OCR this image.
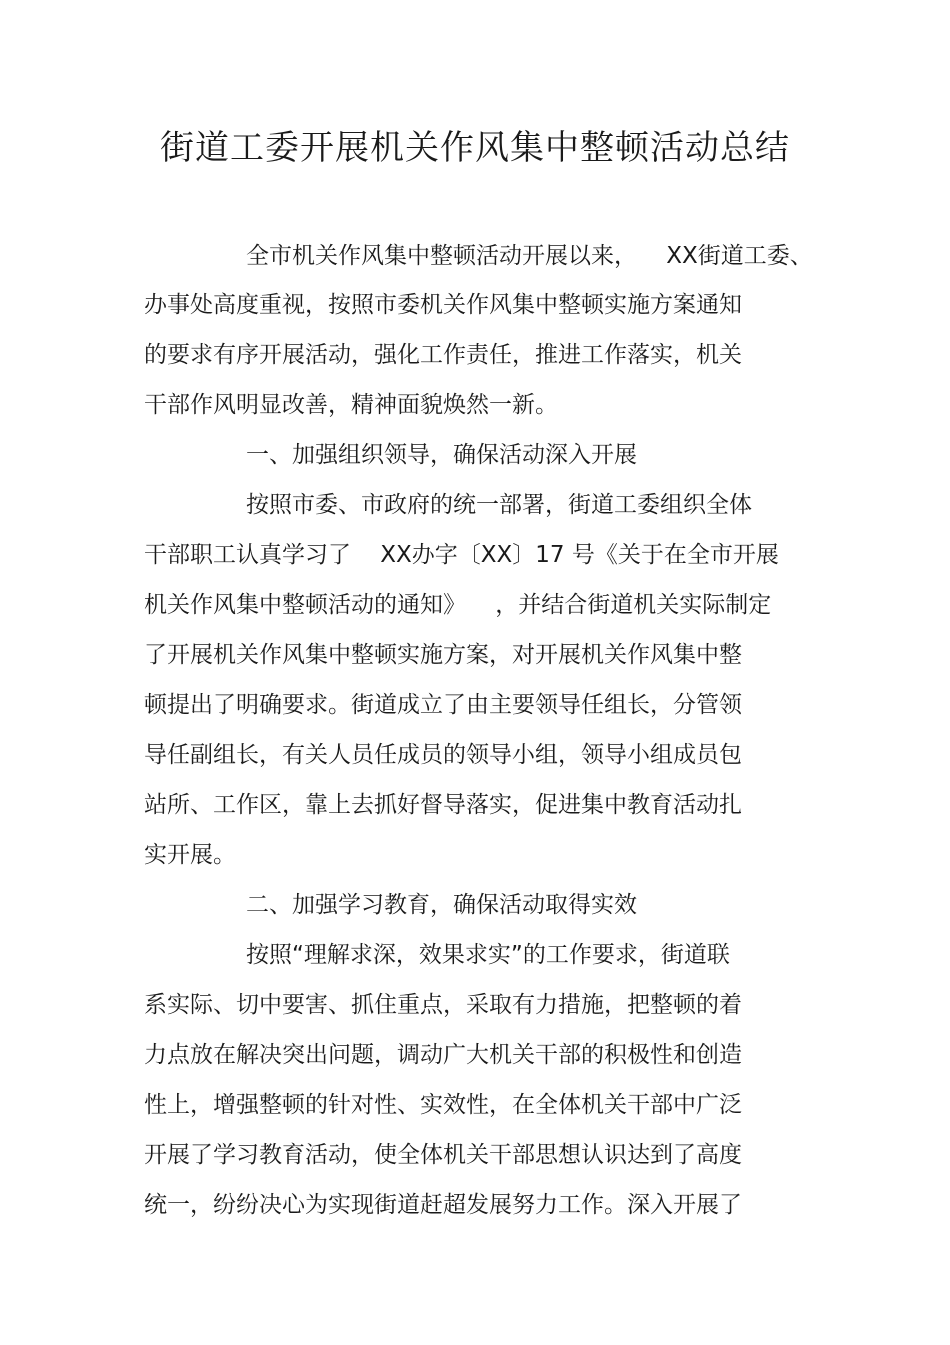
街道工委开展机关作风集中整顿活动总结
全市机关作风集中整顿活动开展以来，    XX街道工委、
办事处高度重视，按照市委机关作风集中整顿实施方案通知
的要求有序开展活动，强化工作责任，推进工作落实，机关
干部作风明显改善，精神面貌焕然一新。
一、加强组织领导，确保活动深入开展
按照市委、市政府的统一部署，街道工委组织全体
干部职工认真学习了    XX办字〔XX〕17 号《关于在全市开展
机关作风集中整顿活动的通知》    ，并结合街道机关实际制定
了开展机关作风集中整顿实施方案，对开展机关作风集中整
顿提出了明确要求。街道成立了由主要领导任组长，分管领
导任副组长，有关人员任成员的领导小组，领导小组成员包
站所、工作区，靠上去抓好督导落实，促进集中教育活动扎
实开展。
二、加强学习教育，确保活动取得实效
按照“理解求深，效果求实”的工作要求，街道联
系实际、切中要害、抓住重点，采取有力措施，把整顿的着
力点放在解决突出问题，调动广大机关干部的积极性和创造
性上，增强整顿的针对性、实效性，在全体机关干部中广泛
开展了学习教育活动，使全体机关干部思想认识达到了高度
统一，纷纷决心为实现街道赶超发展努力工作。深入开展了
